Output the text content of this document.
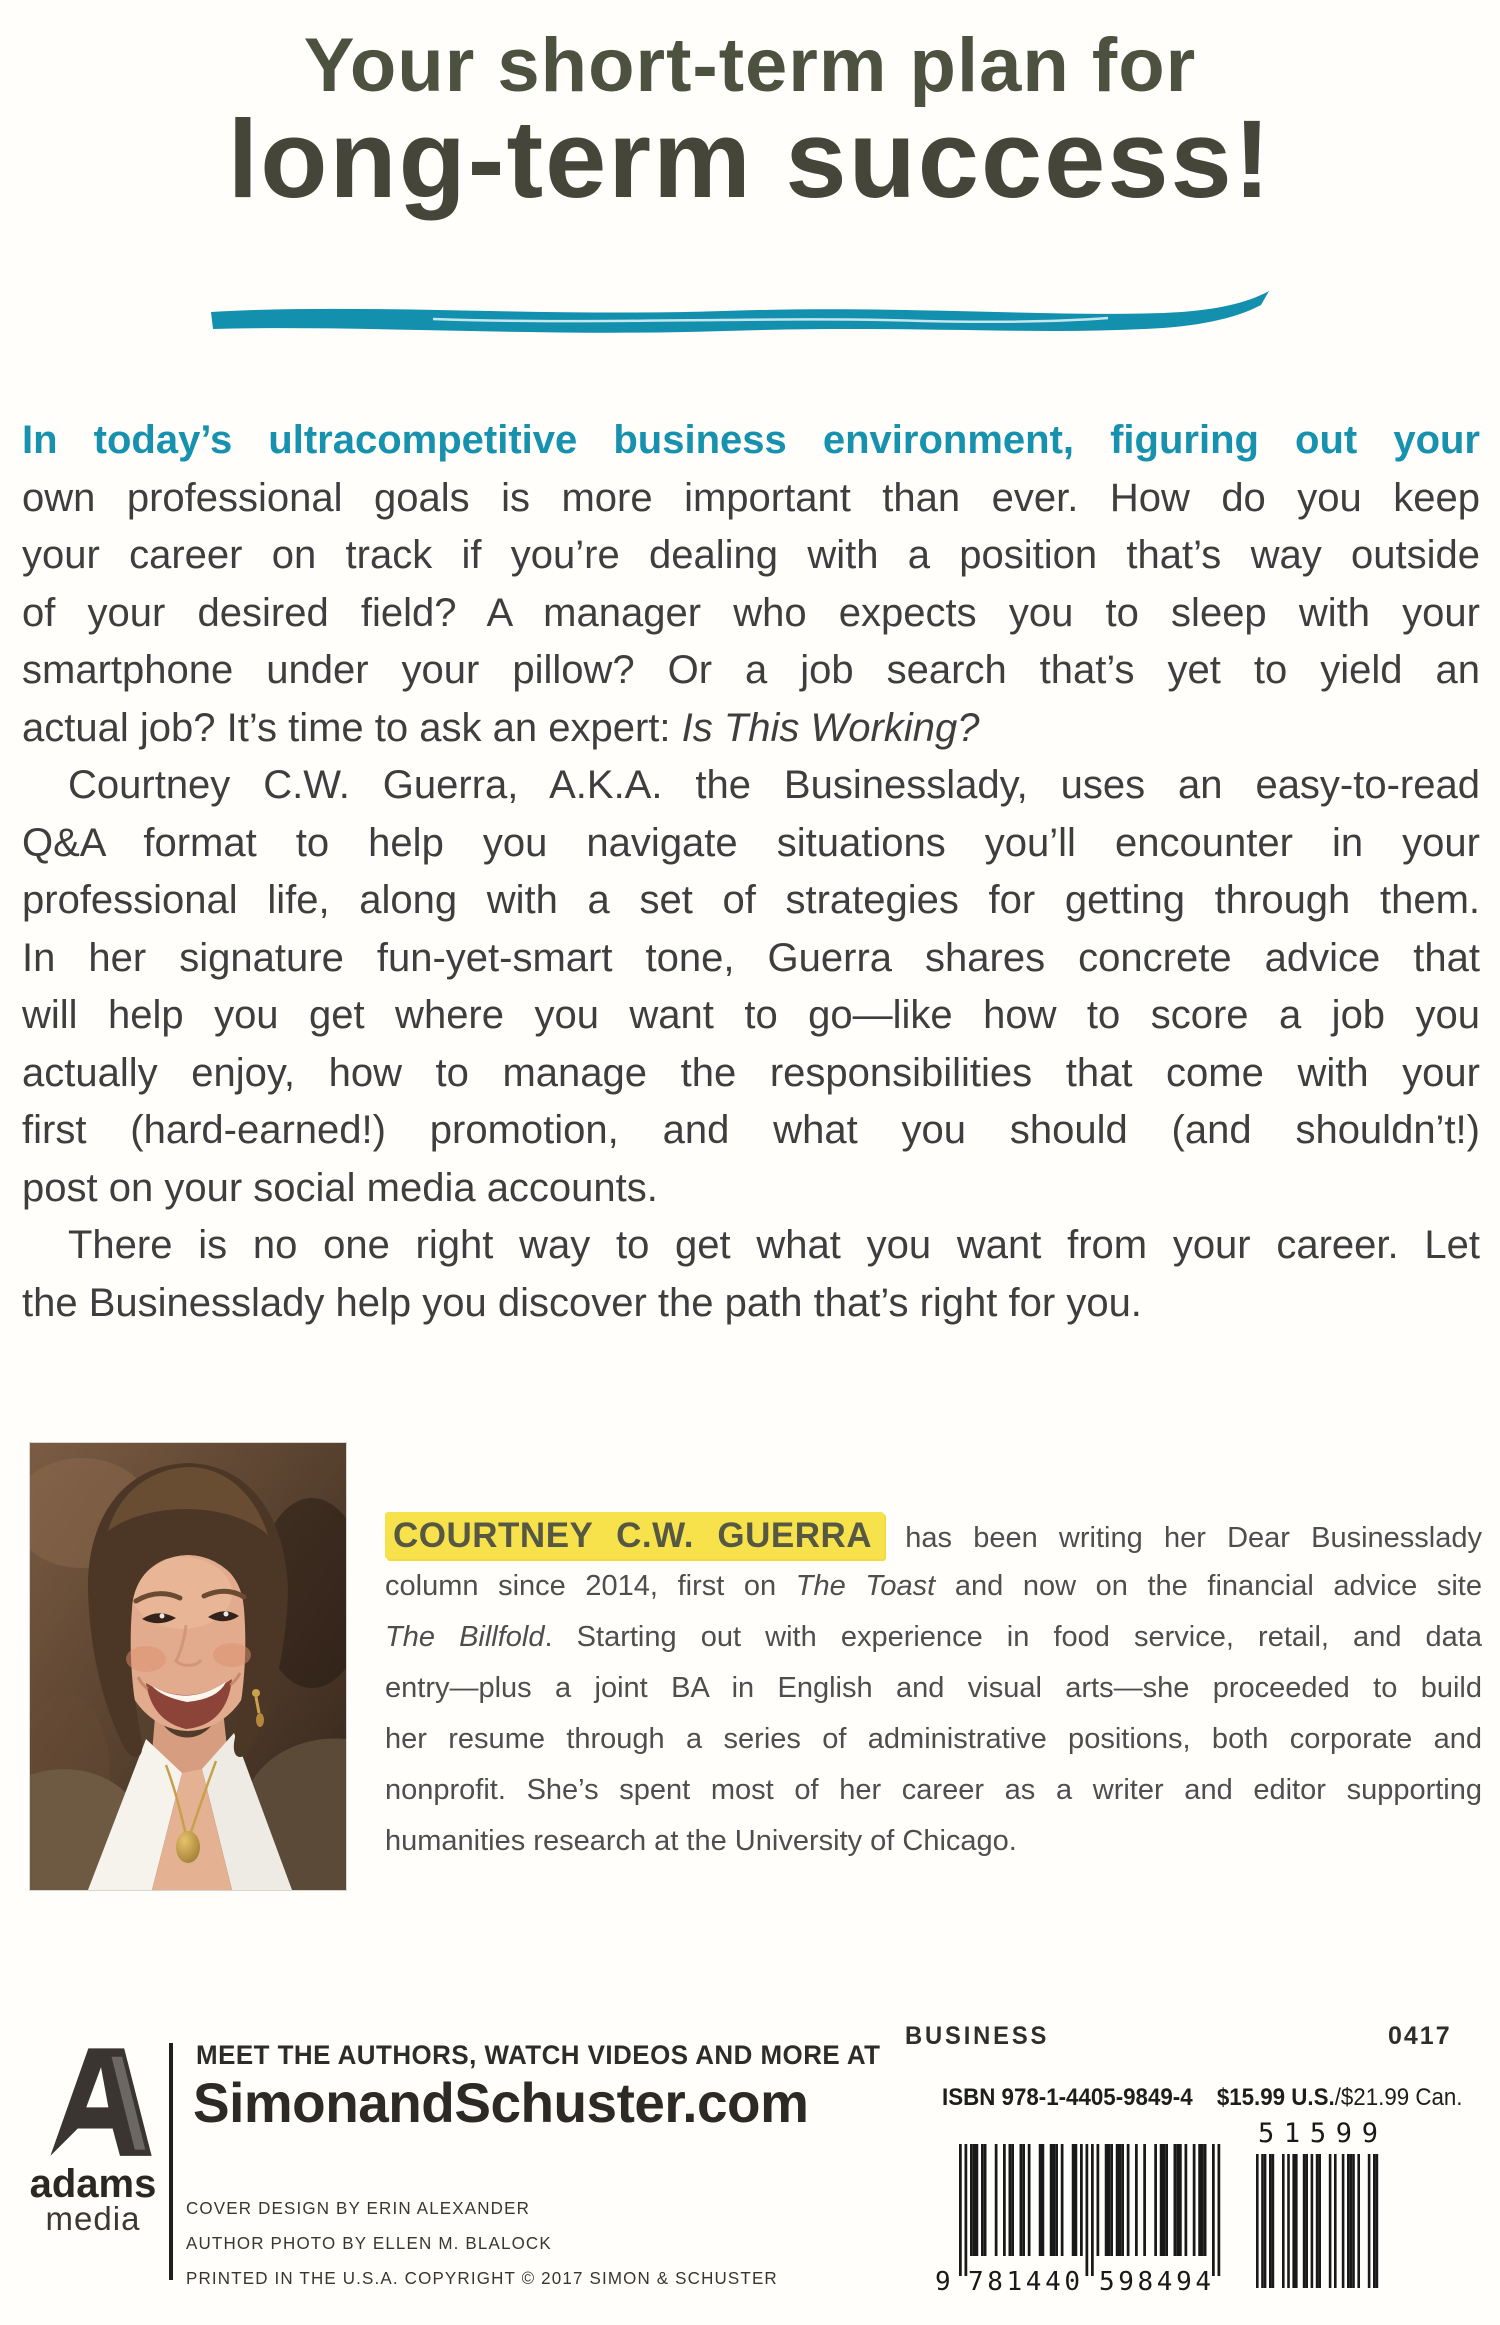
Your short-term plan for
long-term success!
In today’s ultracompetitive business environment, figuring out your
own professional goals is more important than ever. How do you keep
your career on track if you’re dealing with a position that’s way outside
of your desired field? A manager who expects you to sleep with your
smartphone under your pillow? Or a job search that’s yet to yield an
actual job? It’s time to ask an expert: Is This Working?
Courtney C.W. Guerra, A.K.A. the Businesslady, uses an easy-to-read
Q&A format to help you navigate situations you’ll encounter in your
professional life, along with a set of strategies for getting through them.
In her signature fun-yet-smart tone, Guerra shares concrete advice that
will help you get where you want to go—like how to score a job you
actually enjoy, how to manage the responsibilities that come with your
first (hard-earned!) promotion, and what you should (and shouldn’t!)
post on your social media accounts.
There is no one right way to get what you want from your career. Let
the Businesslady help you discover the path that’s right for you.
COURTNEY C.W. GUERRA has been writing her Dear Businesslady
column since 2014, first on The Toast and now on the financial advice site
The Billfold. Starting out with experience in food service, retail, and data
entry—plus a joint BA in English and visual arts—she proceeded to build
her resume through a series of administrative positions, both corporate and
nonprofit. She’s spent most of her career as a writer and editor supporting
humanities research at the University of Chicago.
adams
media
MEET THE AUTHORS, WATCH VIDEOS AND MORE AT
SimonandSchuster.com
COVER DESIGN BY ERIN ALEXANDER
AUTHOR PHOTO BY ELLEN M. BLALOCK
PRINTED IN THE U.S.A. COPYRIGHT © 2017 SIMON & SCHUSTER
BUSINESS	0417
ISBN 978-1-4405-9849-4 $15.99 U.S./$21.99 Can.
9 781440 598494
51599
